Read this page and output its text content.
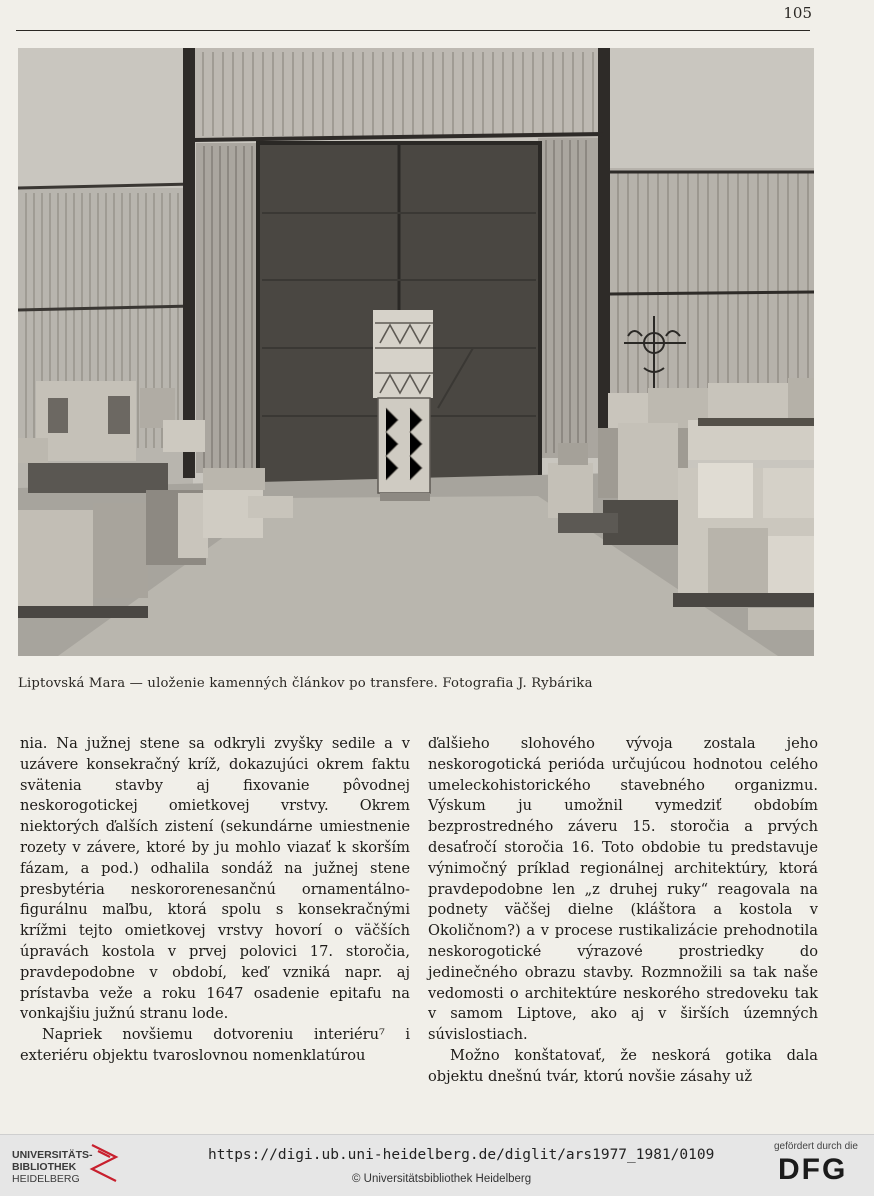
105
Liptovská Mara — uloženie kamenných článkov po transfere. Fotografia J. Rybárika

nia. Na južnej stene sa odkryli zvyšky sedile a v uzávere konsekračný kríž, dokazujúci okrem faktu svätenia stavby aj fixovanie pôvodnej neskorogotickej omietkovej vrstvy. Okrem niektorých ďalších zistení (sekundárne umiestnenie rozety v závere, ktoré by ju mohlo viazať k skorším fázam, a pod.) odhalila sondáž na južnej stene presbytéria neskororenesančnú ornamentálno-figurálnu maľbu, ktorá spolu s konsekračnými krížmi tejto omietkovej vrstvy hovorí o väčších úpravách kostola v prvej polovici 17. storočia, pravdepodobne v období, keď vzniká napr. aj prístavba veže a roku 1647 osadenie epitafu na vonkajšiu južnú stranu lode.

Napriek novšiemu dotvoreniu interiéru⁷ i exteriéru objektu tvaroslovnou nomenklatúrou

ďalšieho slohového vývoja zostala jeho neskorogotická perióda určujúcou hodnotou celého umeleckohistorického stavebného organizmu. Výskum ju umožnil vymedziť obdobím bezprostredného záveru 15. storočia a prvých desaťročí storočia 16. Toto obdobie tu predstavuje výnimočný príklad regionálnej architektúry, ktorá pravdepodobne len „z druhej ruky“ reagovala na podnety väčšej dielne (kláštora a kostola v Okoličnom?) a v procese rustikalizácie prehodnotila neskorogotické výrazové prostriedky do jedinečného obrazu stavby. Rozmnožili sa tak naše vedomosti o architektúre neskorého stredoveku tak v samom Liptove, ako aj v širších územných súvislostiach.

Možno konštatovať, že neskorá gotika dala objektu dnešnú tvár, ktorú novšie zásahy už

UNIVERSITÄTS-
BIBLIOTHEK
HEIDELBERG
https://digi.ub.uni-heidelberg.de/diglit/ars1977_1981/0109
© Universitätsbibliothek Heidelberg
gefördert durch die
DFG
